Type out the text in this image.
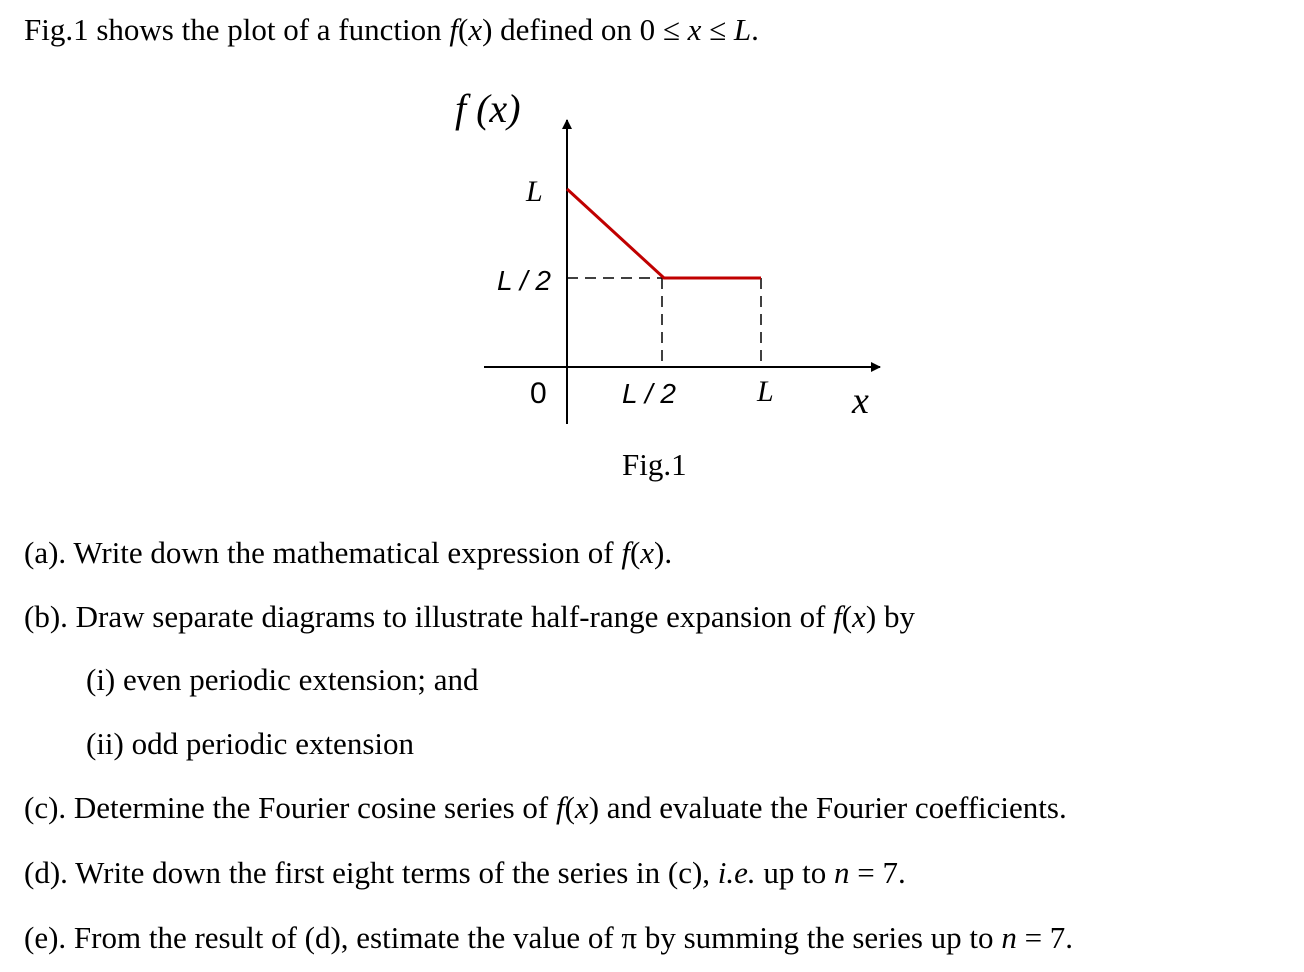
Fig.1 shows the plot of a function f(x) defined on 0 ≤ x ≤ L.
f (x)
L
L / 2
0	L / 2	L x
Fig.1
(a). Write down the mathematical expression of f(x).
(b). Draw separate diagrams to illustrate half-range expansion of f(x) by
(i) even periodic extension; and
(ii) odd periodic extension
(c). Determine the Fourier cosine series of f(x) and evaluate the Fourier coefficients.
(d). Write down the first eight terms of the series in (c), i.e. up to n = 7.
(e). From the result of (d), estimate the value of π by summing the series up to n = 7.
